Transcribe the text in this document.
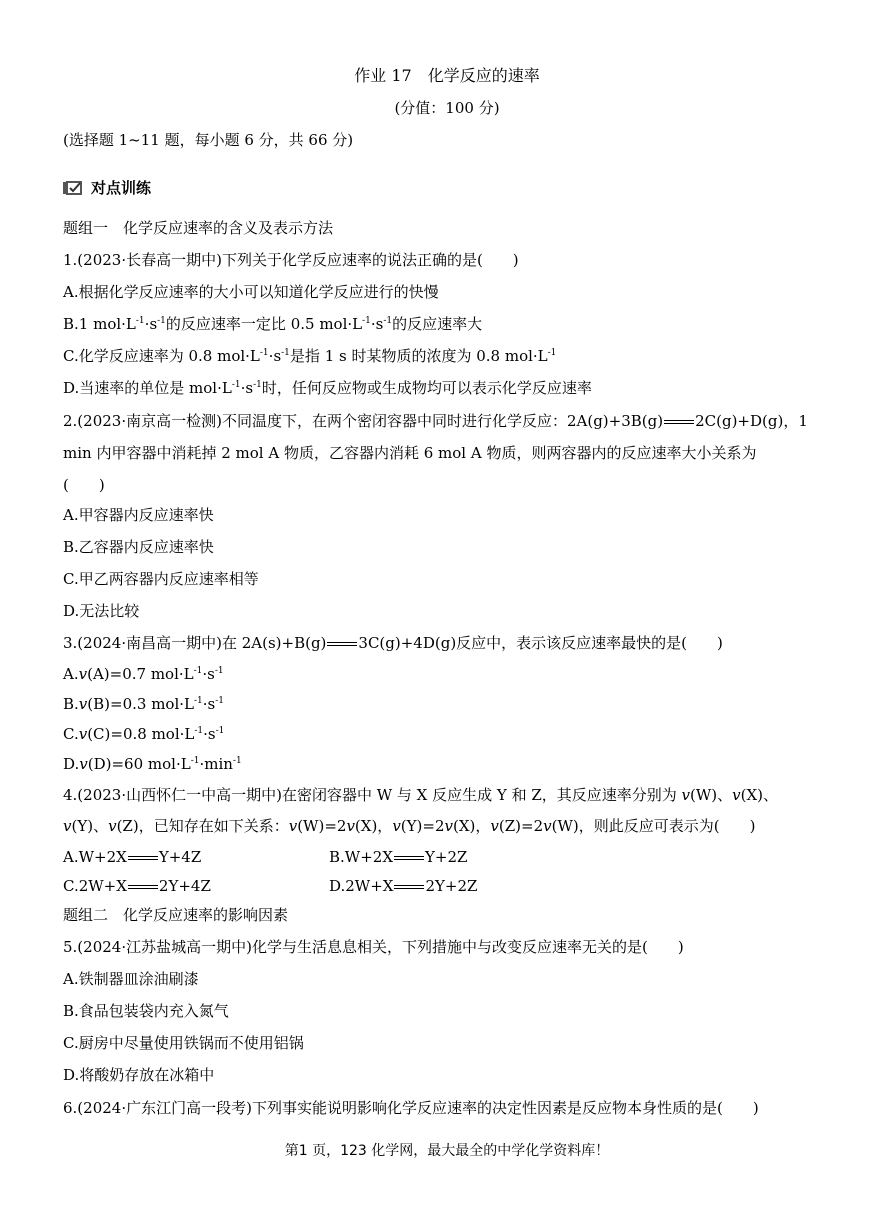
作业 17　化学反应的速率
(分值：100 分)
(选择题 1~11 题，每小题 6 分，共 66 分)
对点训练
题组一　化学反应速率的含义及表示方法
1.(2023·长春高一期中)下列关于化学反应速率的说法正确的是(　　)
A.根据化学反应速率的大小可以知道化学反应进行的快慢
B.1 $mol\cdot L^{-1}\cdot s^{-1}$的反应速率一定比 0.5 $mol\cdot L^{-1}\cdot s^{-1}$的反应速率大
C.化学反应速率为 0.8 $mol\cdot L^{-1}\cdot s^{-1}$是指 1 s 时某物质的浓度为 0.8 $mol\cdot L^{-1}$
D.当速率的单位是 $mol\cdot L^{-1}\cdot s^{-1}$时，任何反应物或生成物均可以表示化学反应速率
2.(2023·南京高一检测)不同温度下，在两个密闭容器中同时进行化学反应：2A(g)+3B(g) 2C(g)+D(g)，1
min 内甲容器中消耗掉 2 mol A 物质，乙容器内消耗 6 mol A 物质，则两容器内的反应速率大小关系为
(　　)
A.甲容器内反应速率快
B.乙容器内反应速率快
C.甲乙两容器内反应速率相等
D.无法比较
3.(2024·南昌高一期中)在 2A(s)+B(g) 3C(g)+4D(g)反应中，表示该反应速率最快的是(　　)
A.v(A)=0.7 $mol\cdot L^{-1}\cdot s^{-1}$
B.v(B)=0.3 $mol\cdot L^{-1}\cdot s^{-1}$
C.v(C)=0.8 $mol\cdot L^{-1}\cdot s^{-1}$
D.v(D)=60 $mol\cdot L^{-1}\cdot\min^{-1}$
4.(2023·山西怀仁一中高一期中)在密闭容器中 W 与 X 反应生成 Y 和 Z，其反应速率分别为 v(W)、v(X)、
v(Y)、v(Z)，已知存在如下关系：v(W)=2v(X)，v(Y)=2v(X)，v(Z)=2v(W)，则此反应可表示为(　　)
A.W+2X Y+4Z	B.W+2X Y+2Z
C.2W+X 2Y+4Z	D.2W+X 2Y+2Z
题组二　化学反应速率的影响因素
5.(2024·江苏盐城高一期中)化学与生活息息相关，下列措施中与改变反应速率无关的是(　　)
A.铁制器皿涂油刷漆
B.食品包装袋内充入氮气
C.厨房中尽量使用铁锅而不使用铝锅
D.将酸奶存放在冰箱中
6.(2024·广东江门高一段考)下列事实能说明影响化学反应速率的决定性因素是反应物本身性质的是(　　)
第1 页，123 化学网，最大最全的中学化学资料库！
